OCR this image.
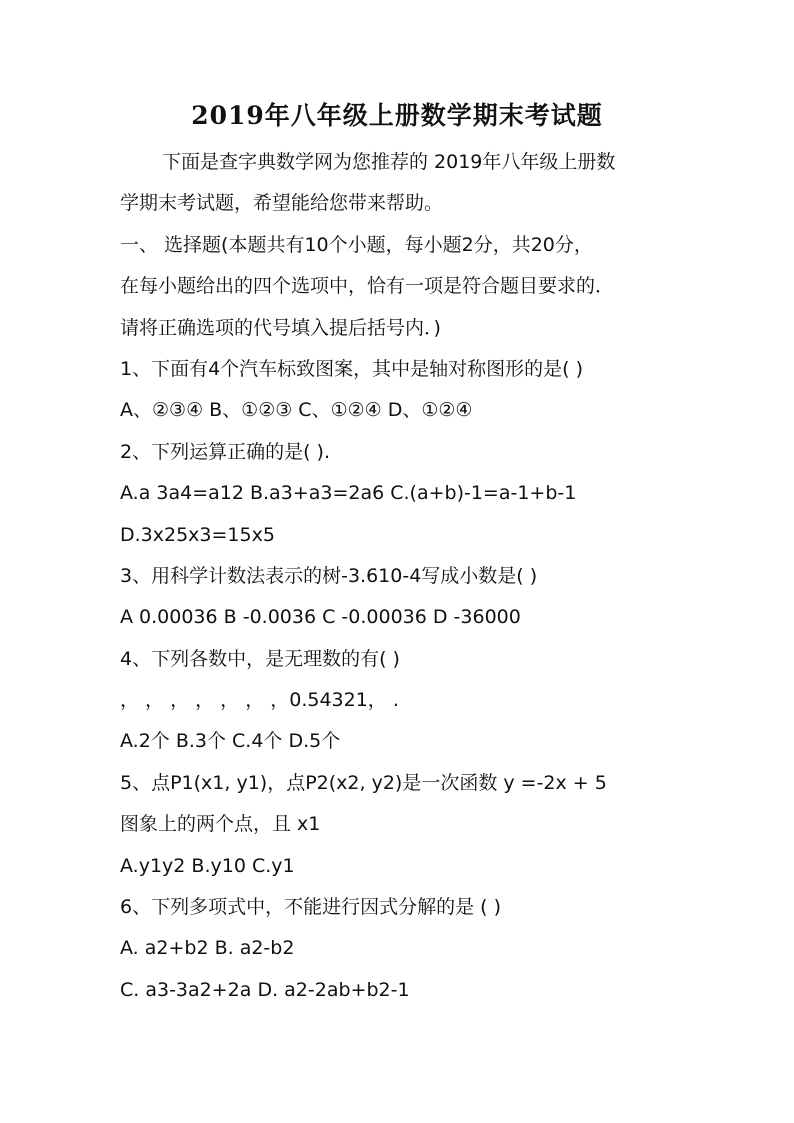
2019年八年级上册数学期末考试题
下面是查字典数学网为您推荐的 2019年八年级上册数
学期末考试题，希望能给您带来帮助。
一、 选择题(本题共有10个小题，每小题2分，共20分，
在每小题给出的四个选项中，恰有一项是符合题目要求的．
请将正确选项的代号填入提后括号内．)
1、下面有4个汽车标致图案，其中是轴对称图形的是( )
A、②③④ B、①②③ C、①②④ D、①②④
2、下列运算正确的是( ).
A.a 3a4=a12 B.a3+a3=2a6 C.(a+b)-1=a-1+b-1
D.3x25x3=15x5
3、用科学计数法表示的树-3.610-4写成小数是( )
A 0.00036 B -0.0036 C -0.00036 D -36000
4、下列各数中，是无理数的有( )
， ， ， ， ， ， ，0.54321， .
A.2个 B.3个 C.4个 D.5个
5、点P1(x1, y1)，点P2(x2, y2)是一次函数 y =-2x + 5
图象上的两个点，且 x1
A.y1y2 B.y10 C.y1
6、下列多项式中，不能进行因式分解的是 ( )
A. a2+b2 B. a2-b2
C. a3-3a2+2a D. a2-2ab+b2-1
